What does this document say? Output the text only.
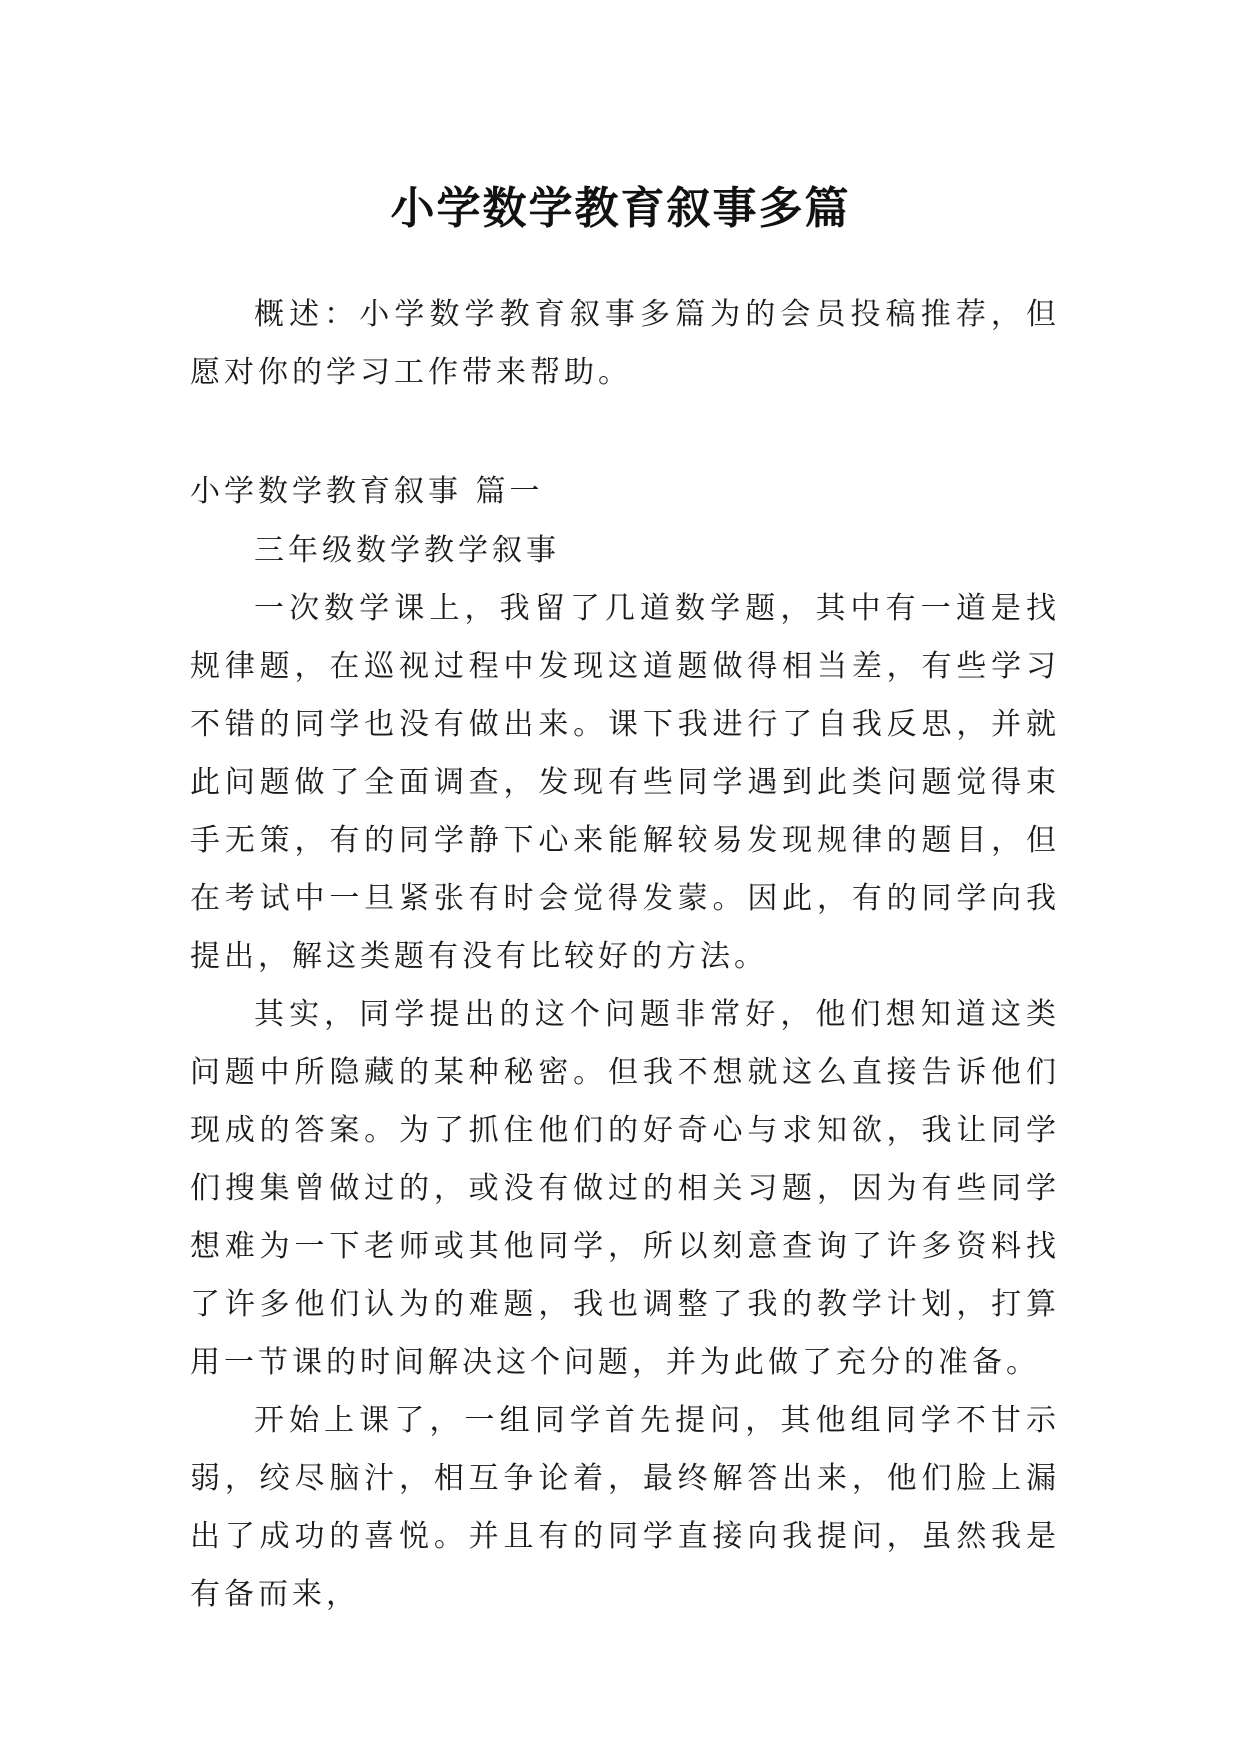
小学数学教育叙事多篇

概述：小学数学教育叙事多篇为的会员投稿推荐，但愿对你的学习工作带来帮助。

小学数学教育叙事 篇一

三年级数学教学叙事

一次数学课上，我留了几道数学题，其中有一道是找规律题，在巡视过程中发现这道题做得相当差，有些学习不错的同学也没有做出来。课下我进行了自我反思，并就此问题做了全面调查，发现有些同学遇到此类问题觉得束手无策，有的同学静下心来能解较易发现规律的题目，但在考试中一旦紧张有时会觉得发蒙。因此，有的同学向我提出，解这类题有没有比较好的方法。

其实，同学提出的这个问题非常好，他们想知道这类问题中所隐藏的某种秘密。但我不想就这么直接告诉他们现成的答案。为了抓住他们的好奇心与求知欲，我让同学们搜集曾做过的，或没有做过的相关习题，因为有些同学想难为一下老师或其他同学，所以刻意查询了许多资料找了许多他们认为的难题，我也调整了我的教学计划，打算用一节课的时间解决这个问题，并为此做了充分的准备。

开始上课了，一组同学首先提问，其他组同学不甘示弱，绞尽脑汁，相互争论着，最终解答出来，他们脸上漏出了成功的喜悦。并且有的同学直接向我提问，虽然我是有备而来，
